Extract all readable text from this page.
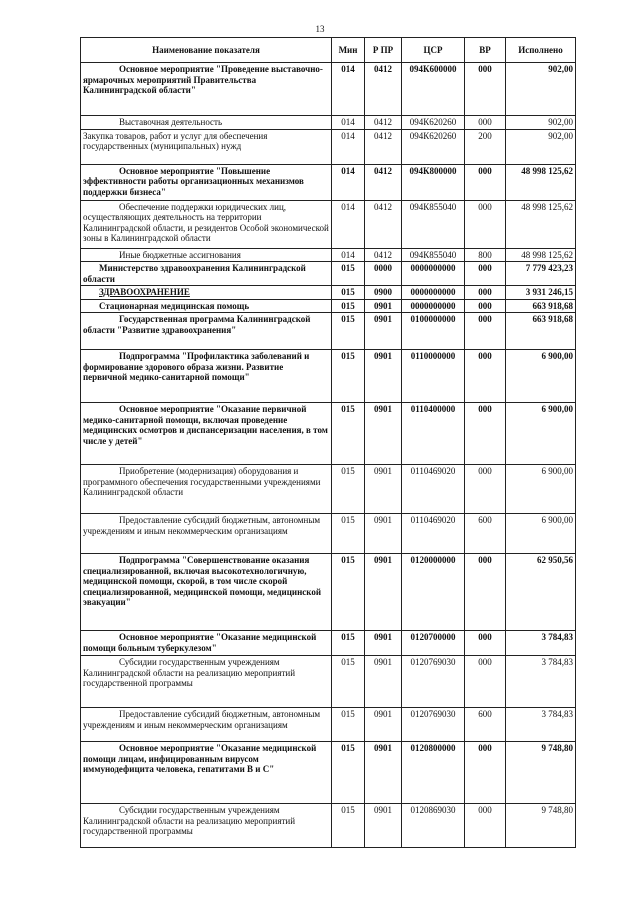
13
Наименование показателя	Мин	Р ПР	ЦСР	ВР	Исполнено
Основное мероприятие "Проведение выставочно-ярмарочных мероприятий Правительства Калининградской области"	014	0412	094К600000	000	902,00
Выставочная деятельность	014	0412	094К620260	000	902,00
Закупка товаров, работ и услуг для обеспечения государственных (муниципальных) нужд	014	0412	094К620260	200	902,00
Основное мероприятие "Повышение эффективности работы организационных механизмов поддержки бизнеса"	014	0412	094К800000	000	48 998 125,62
Обеспечение поддержки юридических лиц, осуществляющих деятельность на территории Калининградской области, и резидентов Особой экономической зоны в Калининградской области	014	0412	094К855040	000	48 998 125,62
Иные бюджетные ассигнования	014	0412	094К855040	800	48 998 125,62
Министерство здравоохранения Калининградской области	015	0000	0000000000	000	7 779 423,23
ЗДРАВООХРАНЕНИЕ	015	0900	0000000000	000	3 931 246,15
Стационарная медицинская помощь	015	0901	0000000000	000	663 918,68
Государственная программа Калининградской области "Развитие здравоохранения"	015	0901	0100000000	000	663 918,68
Подпрограмма "Профилактика заболеваний и формирование здорового образа жизни. Развитие первичной медико-санитарной помощи"	015	0901	0110000000	000	6 900,00
Основное мероприятие "Оказание первичной медико-санитарной помощи, включая проведение медицинских осмотров и диспансеризации населения, в том числе у детей"	015	0901	0110400000	000	6 900,00
Приобретение (модернизация) оборудования и программного обеспечения государственными учреждениями Калининградской области	015	0901	0110469020	000	6 900,00
Предоставление субсидий бюджетным, автономным учреждениям и иным некоммерческим организациям	015	0901	0110469020	600	6 900,00
Подпрограмма "Совершенствование оказания специализированной, включая высокотехнологичную, медицинской помощи, скорой, в том числе скорой специализированной, медицинской помощи, медицинской эвакуации"	015	0901	0120000000	000	62 950,56
Основное мероприятие "Оказание медицинской помощи больным туберкулезом"	015	0901	0120700000	000	3 784,83
Субсидии государственным учреждениям Калининградской области на реализацию мероприятий государственной программы	015	0901	0120769030	000	3 784,83
Предоставление субсидий бюджетным, автономным учреждениям и иным некоммерческим организациям	015	0901	0120769030	600	3 784,83
Основное мероприятие "Оказание медицинской помощи лицам, инфицированным вирусом иммунодефицита человека, гепатитами В и С"	015	0901	0120800000	000	9 748,80
Субсидии государственным учреждениям Калининградской области на реализацию мероприятий государственной программы	015	0901	0120869030	000	9 748,80
